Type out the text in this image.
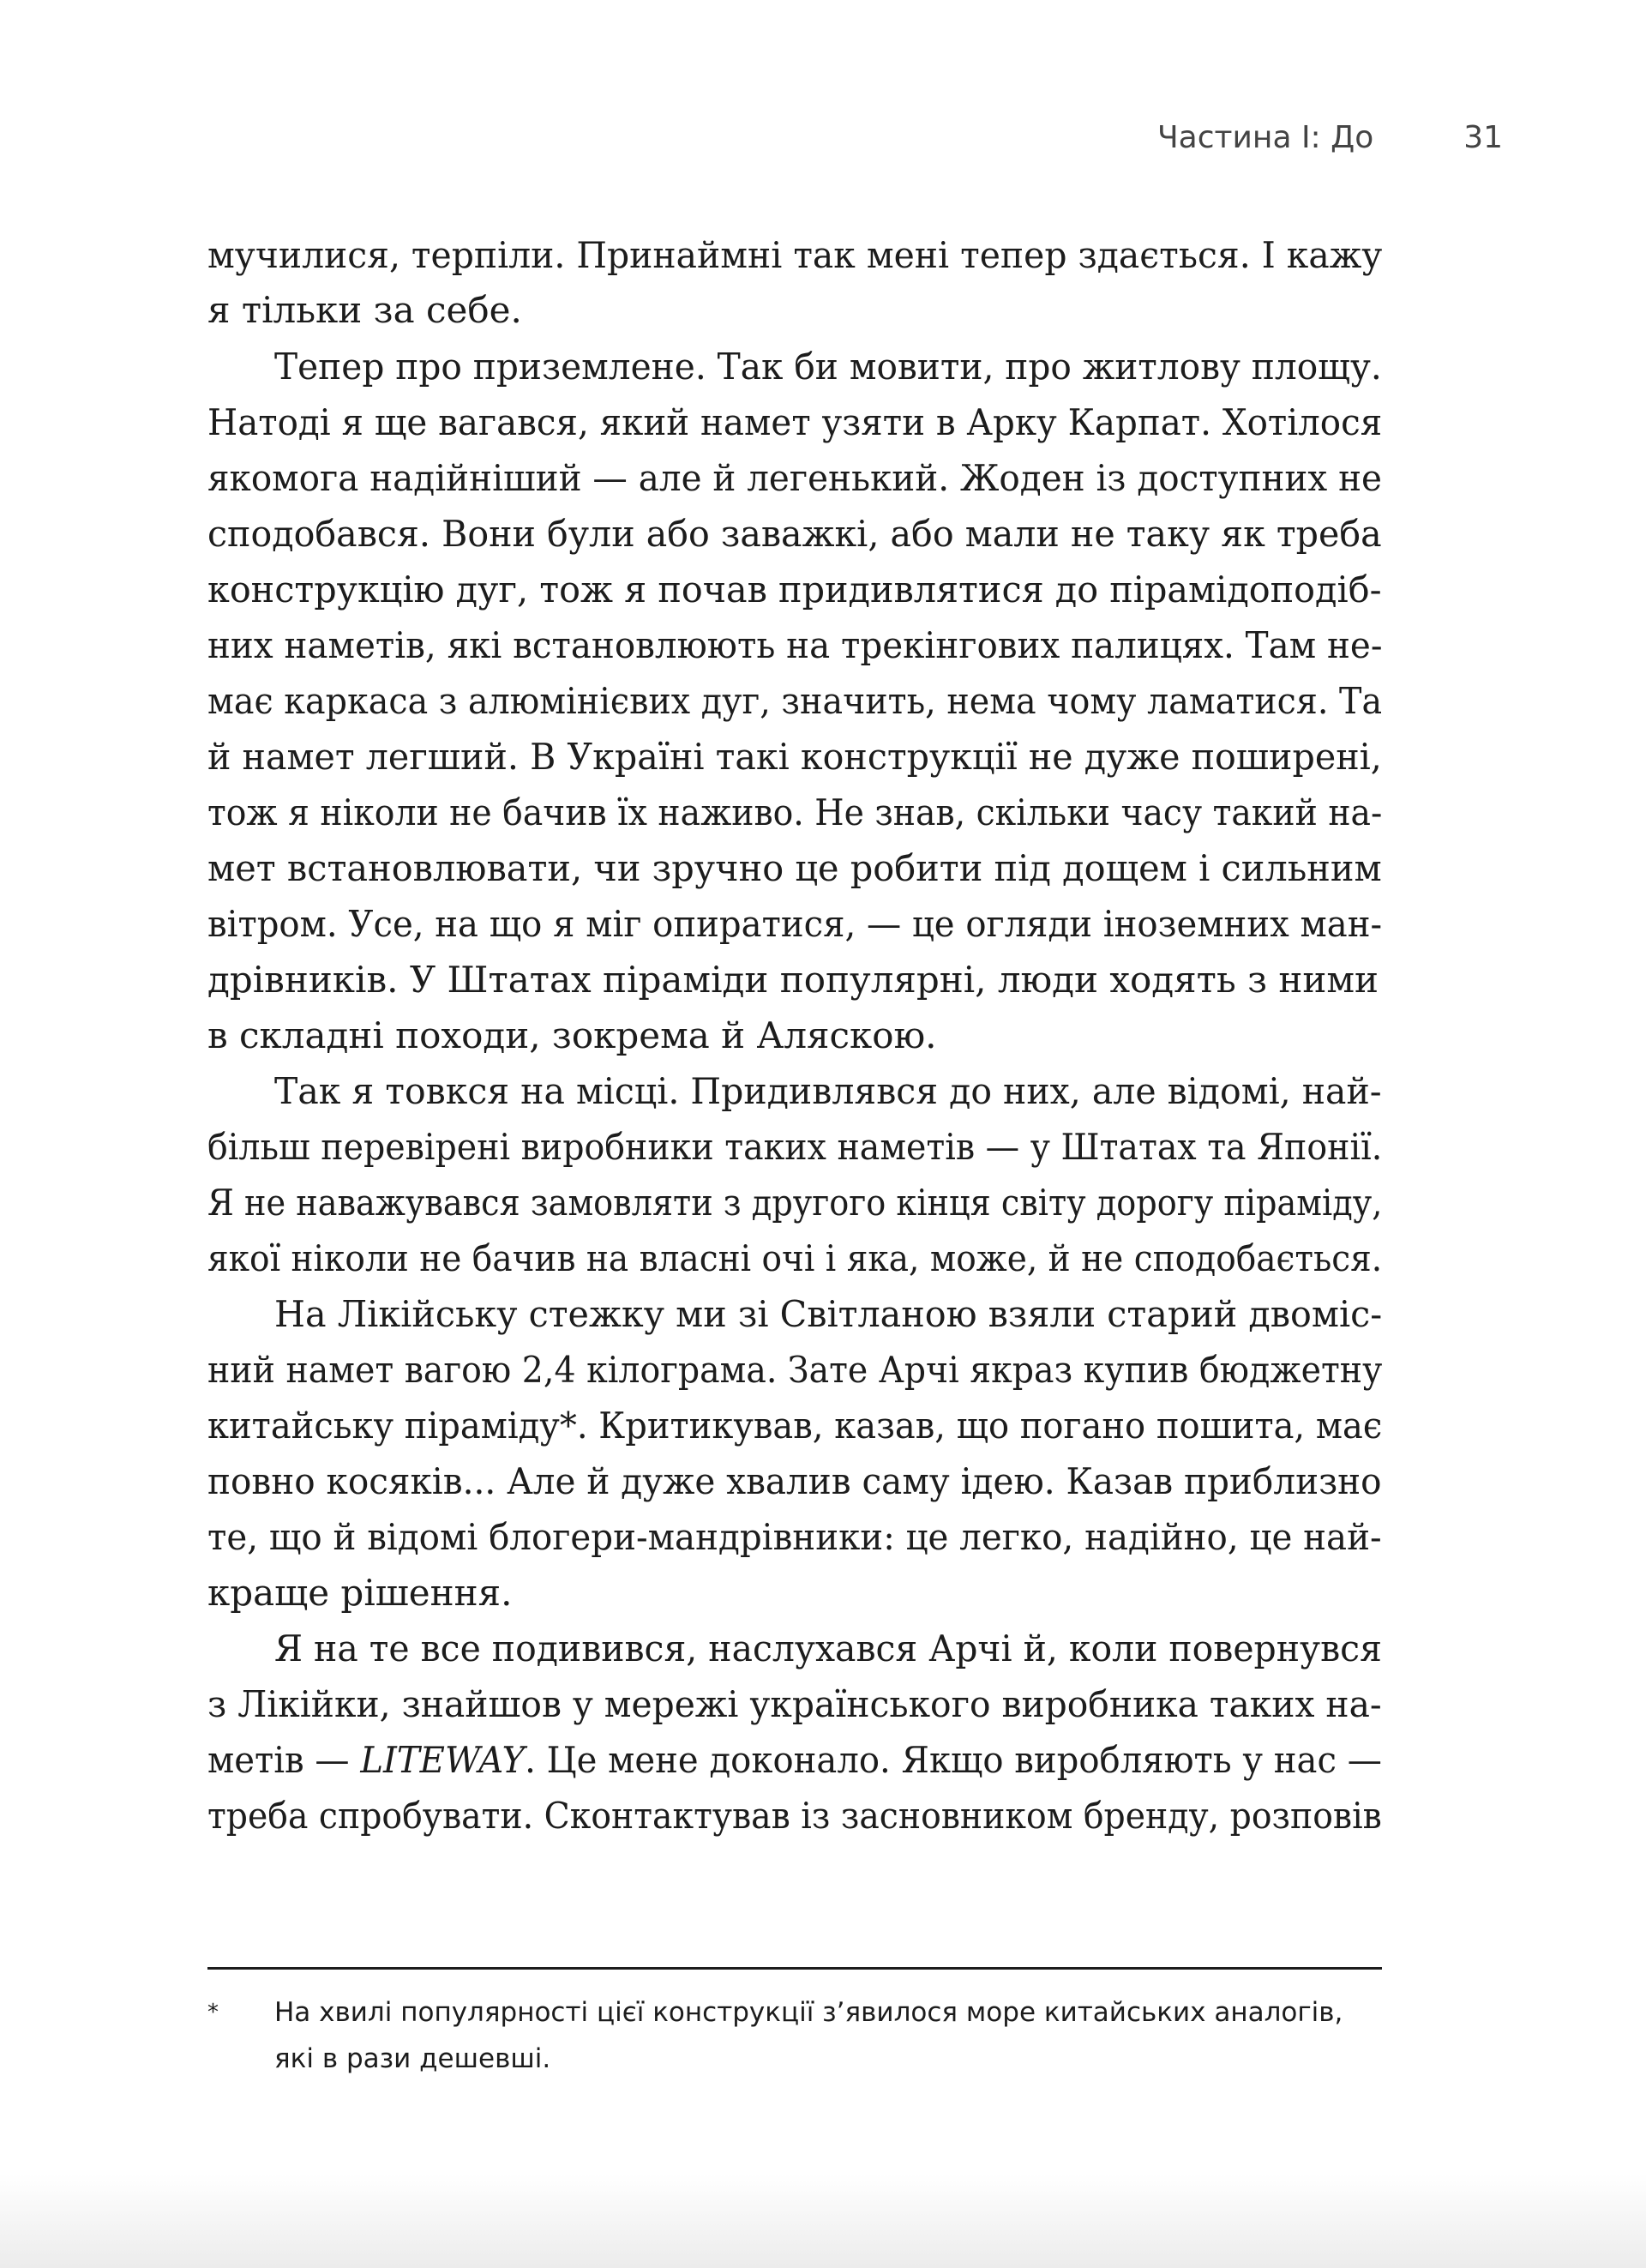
Частина I: До	31
мучилися, терпіли. Принаймні так мені тепер здається. І кажу
я тільки за себе.
Тепер про приземлене. Так би мовити, про житлову площу.
Натоді я ще вагався, який намет узяти в Арку Карпат. Хотілося
якомога надійніший — але й легенький. Жоден із доступних не
сподобався. Вони були або заважкі, або мали не таку як треба
конструкцію дуг, тож я почав придивлятися до пірамідоподіб-
них наметів, які встановлюють на трекінгових палицях. Там не-
має каркаса з алюмінієвих дуг, значить, нема чому ламатися. Та
й намет легший. В Україні такі конструкції не дуже поширені,
тож я ніколи не бачив їх наживо. Не знав, скільки часу такий на-
мет встановлювати, чи зручно це робити під дощем і сильним
вітром. Усе, на що я міг опиратися, — це огляди іноземних ман-
дрівників. У Штатах піраміди популярні, люди ходять з ними
в складні походи, зокрема й Аляскою.
Так я товкся на місці. Придивлявся до них, але відомі, най-
більш перевірені виробники таких наметів — у Штатах та Японії.
Я не наважувався замовляти з другого кінця світу дорогу піраміду,
якої ніколи не бачив на власні очі і яка, може, й не сподобається.
На Лікійську стежку ми зі Світланою взяли старий двоміс-
ний намет вагою 2,4 кілограма. Зате Арчі якраз купив бюджетну
китайську піраміду*. Критикував, казав, що погано пошита, має
повно косяків... Але й дуже хвалив саму ідею. Казав приблизно
те, що й відомі блогери-мандрівники: це легко, надійно, це най-
краще рішення.
Я на те все подивився, наслухався Арчі й, коли повернувся
з Лікійки, знайшов у мережі українського виробника таких на-
метів — LITEWAY. Це мене доконало. Якщо виробляють у нас —
треба спробувати. Сконтактував із засновником бренду, розповів
* На хвилі популярності цієї конструкції з’явилося море китайських аналогів,
які в рази дешевші.
